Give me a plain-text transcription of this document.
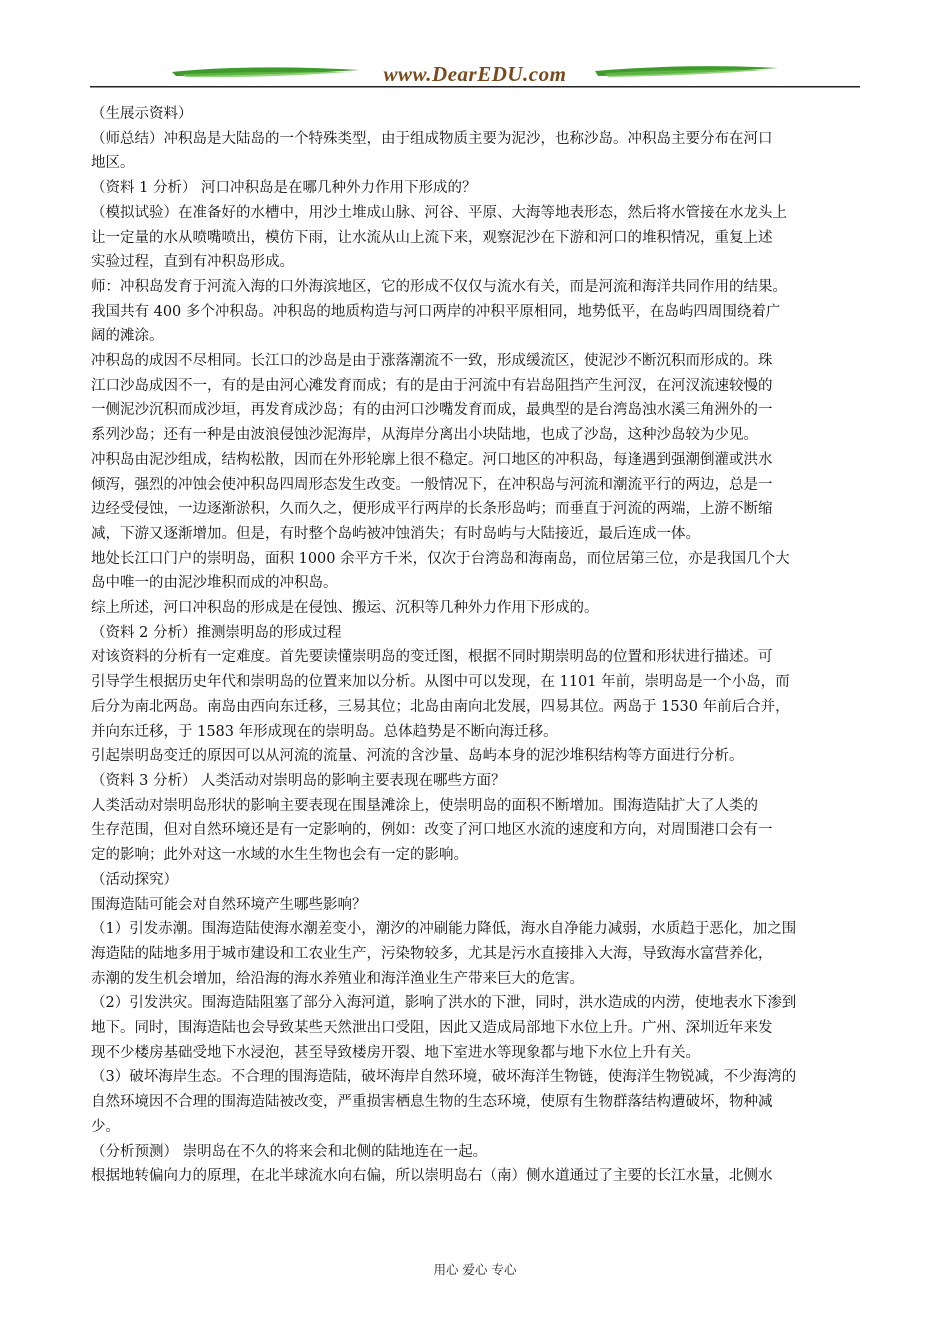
www.DearEDU.com

（生展示资料）

（师总结）冲积岛是大陆岛的一个特殊类型，由于组成物质主要为泥沙，也称沙岛。冲积岛主要分布在河口

地区。

（资料 1 分析） 河口冲积岛是在哪几种外力作用下形成的？

（模拟试验）在准备好的水槽中，用沙土堆成山脉、河谷、平原、大海等地表形态，然后将水管接在水龙头上

让一定量的水从喷嘴喷出，模仿下雨，让水流从山上流下来，观察泥沙在下游和河口的堆积情况，重复上述

实验过程，直到有冲积岛形成。

师：冲积岛发育于河流入海的口外海滨地区，它的形成不仅仅与流水有关，而是河流和海洋共同作用的结果。

我国共有 400 多个冲积岛。冲积岛的地质构造与河口两岸的冲积平原相同，地势低平，在岛屿四周围绕着广

阔的滩涂。

冲积岛的成因不尽相同。长江口的沙岛是由于涨落潮流不一致，形成缓流区，使泥沙不断沉积而形成的。珠

江口沙岛成因不一，有的是由河心滩发育而成；有的是由于河流中有岩岛阻挡产生河汊，在河汊流速较慢的

一侧泥沙沉积而成沙垣，再发育成沙岛；有的由河口沙嘴发育而成，最典型的是台湾岛浊水溪三角洲外的一

系列沙岛；还有一种是由波浪侵蚀沙泥海岸，从海岸分离出小块陆地，也成了沙岛，这种沙岛较为少见。

冲积岛由泥沙组成，结构松散，因而在外形轮廓上很不稳定。河口地区的冲积岛，每逢遇到强潮倒灌或洪水

倾泻，强烈的冲蚀会使冲积岛四周形态发生改变。一般情况下，在冲积岛与河流和潮流平行的两边，总是一

边经受侵蚀，一边逐渐淤积，久而久之，便形成平行两岸的长条形岛屿；而垂直于河流的两端，上游不断缩

减，下游又逐渐增加。但是，有时整个岛屿被冲蚀消失；有时岛屿与大陆接近，最后连成一体。

地处长江口门户的崇明岛，面积 1000 余平方千米，仅次于台湾岛和海南岛，而位居第三位，亦是我国几个大

岛中唯一的由泥沙堆积而成的冲积岛。

综上所述，河口冲积岛的形成是在侵蚀、搬运、沉积等几种外力作用下形成的。

（资料 2 分析）推测崇明岛的形成过程

对该资料的分析有一定难度。首先要读懂崇明岛的变迁图，根据不同时期崇明岛的位置和形状进行描述。可

引导学生根据历史年代和崇明岛的位置来加以分析。从图中可以发现，在 1101 年前，崇明岛是一个小岛，而

后分为南北两岛。南岛由西向东迁移，三易其位；北岛由南向北发展，四易其位。两岛于 1530 年前后合并，

并向东迁移，于 1583 年形成现在的崇明岛。总体趋势是不断向海迁移。

引起崇明岛变迁的原因可以从河流的流量、河流的含沙量、岛屿本身的泥沙堆积结构等方面进行分析。

（资料 3 分析） 人类活动对崇明岛的影响主要表现在哪些方面？

人类活动对崇明岛形状的影响主要表现在围垦滩涂上，使崇明岛的面积不断增加。围海造陆扩大了人类的

生存范围，但对自然环境还是有一定影响的，例如：改变了河口地区水流的速度和方向，对周围港口会有一

定的影响；此外对这一水域的水生生物也会有一定的影响。

（活动探究）

围海造陆可能会对自然环境产生哪些影响？

（1）引发赤潮。围海造陆使海水潮差变小，潮汐的冲刷能力降低，海水自净能力减弱，水质趋于恶化，加之围

海造陆的陆地多用于城市建设和工农业生产，污染物较多，尤其是污水直接排入大海，导致海水富营养化，

赤潮的发生机会增加，给沿海的海水养殖业和海洋渔业生产带来巨大的危害。

（2）引发洪灾。围海造陆阻塞了部分入海河道，影响了洪水的下泄，同时，洪水造成的内涝，使地表水下渗到

地下。同时，围海造陆也会导致某些天然泄出口受阻，因此又造成局部地下水位上升。广州、深圳近年来发

现不少楼房基础受地下水浸泡，甚至导致楼房开裂、地下室进水等现象都与地下水位上升有关。

（3）破坏海岸生态。不合理的围海造陆，破坏海岸自然环境，破坏海洋生物链，使海洋生物锐减，不少海湾的

自然环境因不合理的围海造陆被改变，严重损害栖息生物的生态环境，使原有生物群落结构遭破坏，物种减

少。

（分析预测） 崇明岛在不久的将来会和北侧的陆地连在一起。

根据地转偏向力的原理，在北半球流水向右偏，所以崇明岛右（南）侧水道通过了主要的长江水量，北侧水

用心 爱心 专心
